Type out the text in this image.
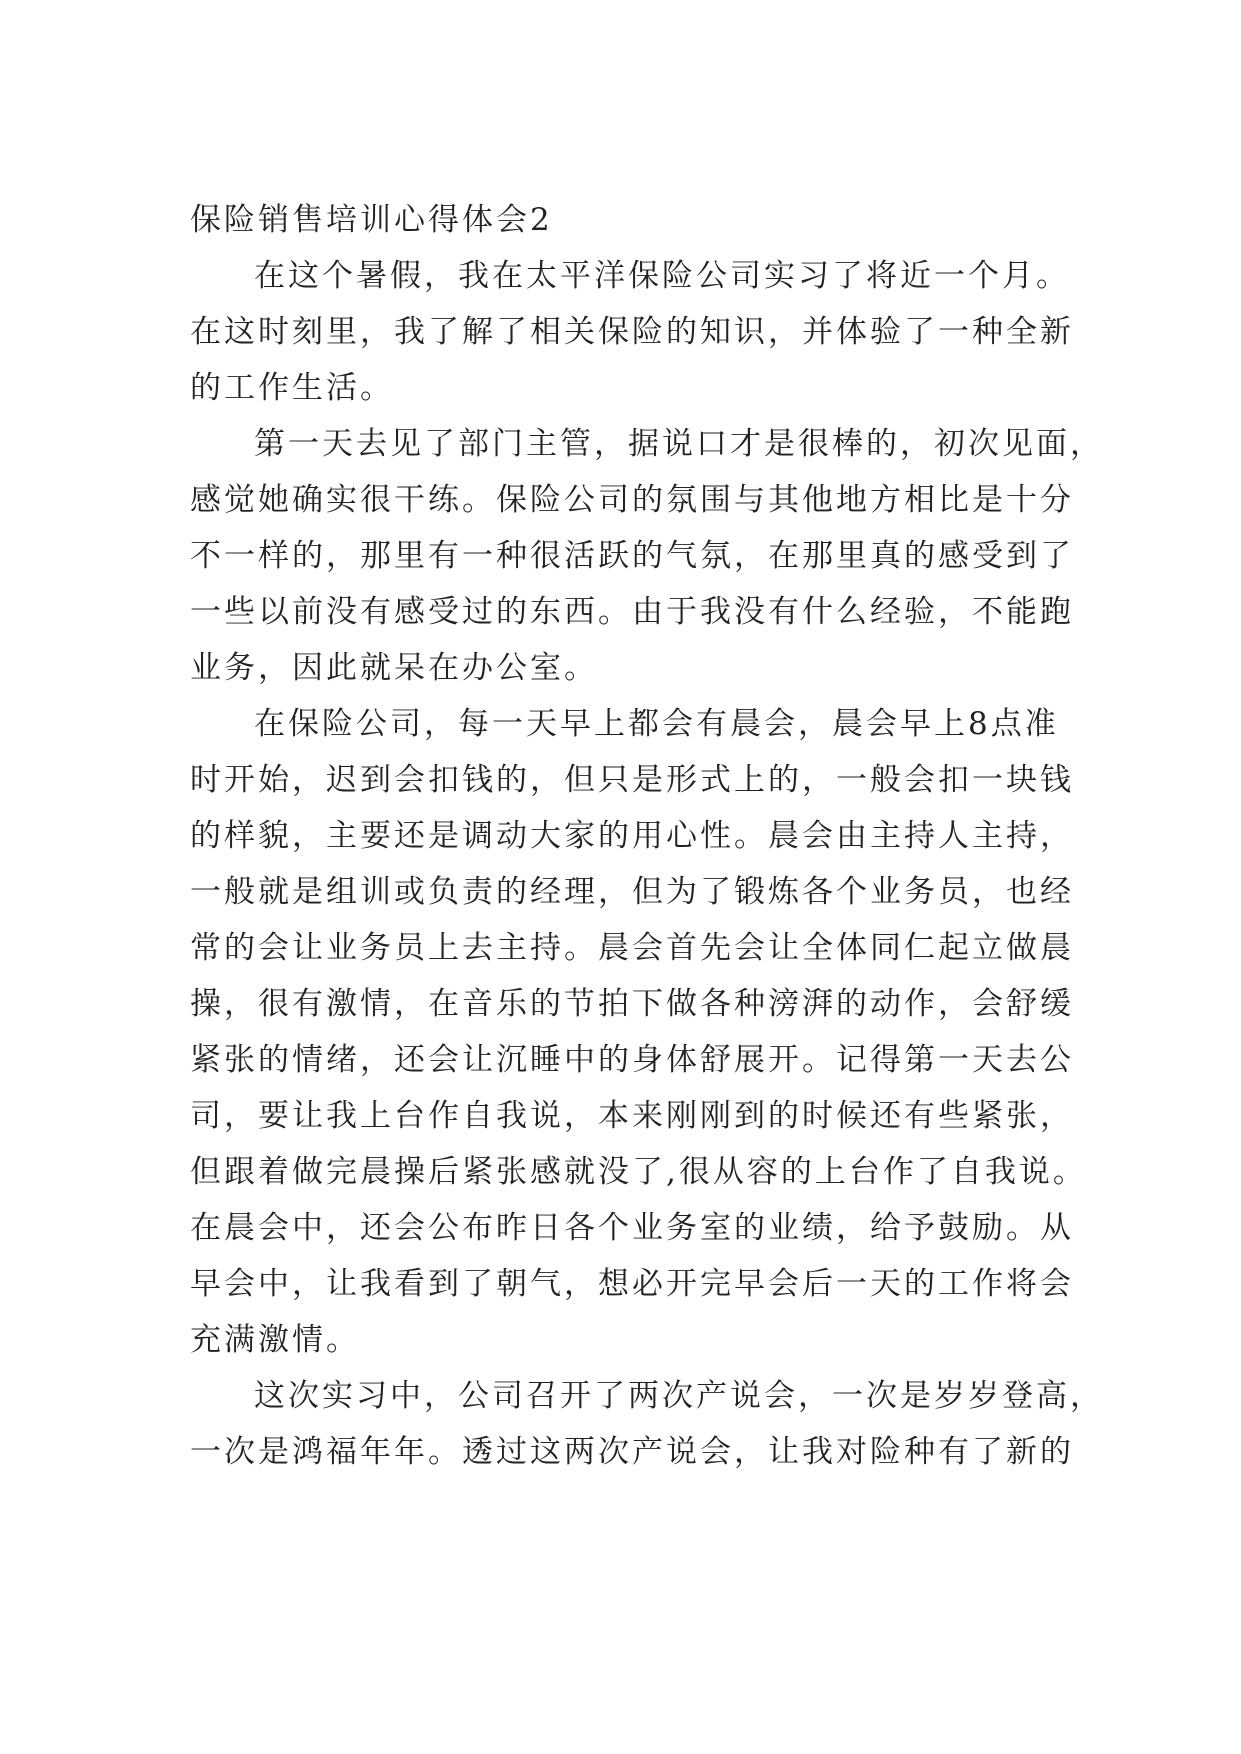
保险销售培训心得体会2
在这个暑假，我在太平洋保险公司实习了将近一个月。
在这时刻里，我了解了相关保险的知识，并体验了一种全新
的工作生活。
第一天去见了部门主管，据说口才是很棒的，初次见面，
感觉她确实很干练。保险公司的氛围与其他地方相比是十分
不一样的，那里有一种很活跃的气氛，在那里真的感受到了
一些以前没有感受过的东西。由于我没有什么经验，不能跑
业务，因此就呆在办公室。
在保险公司，每一天早上都会有晨会，晨会早上8点准
时开始，迟到会扣钱的，但只是形式上的，一般会扣一块钱
的样貌，主要还是调动大家的用心性。晨会由主持人主持，
一般就是组训或负责的经理，但为了锻炼各个业务员，也经
常的会让业务员上去主持。晨会首先会让全体同仁起立做晨
操，很有激情，在音乐的节拍下做各种滂湃的动作，会舒缓
紧张的情绪，还会让沉睡中的身体舒展开。记得第一天去公
司，要让我上台作自我说，本来刚刚到的时候还有些紧张，
但跟着做完晨操后紧张感就没了,很从容的上台作了自我说。
在晨会中，还会公布昨日各个业务室的业绩，给予鼓励。从
早会中，让我看到了朝气，想必开完早会后一天的工作将会
充满激情。
这次实习中，公司召开了两次产说会，一次是岁岁登高，
一次是鸿福年年。透过这两次产说会，让我对险种有了新的
